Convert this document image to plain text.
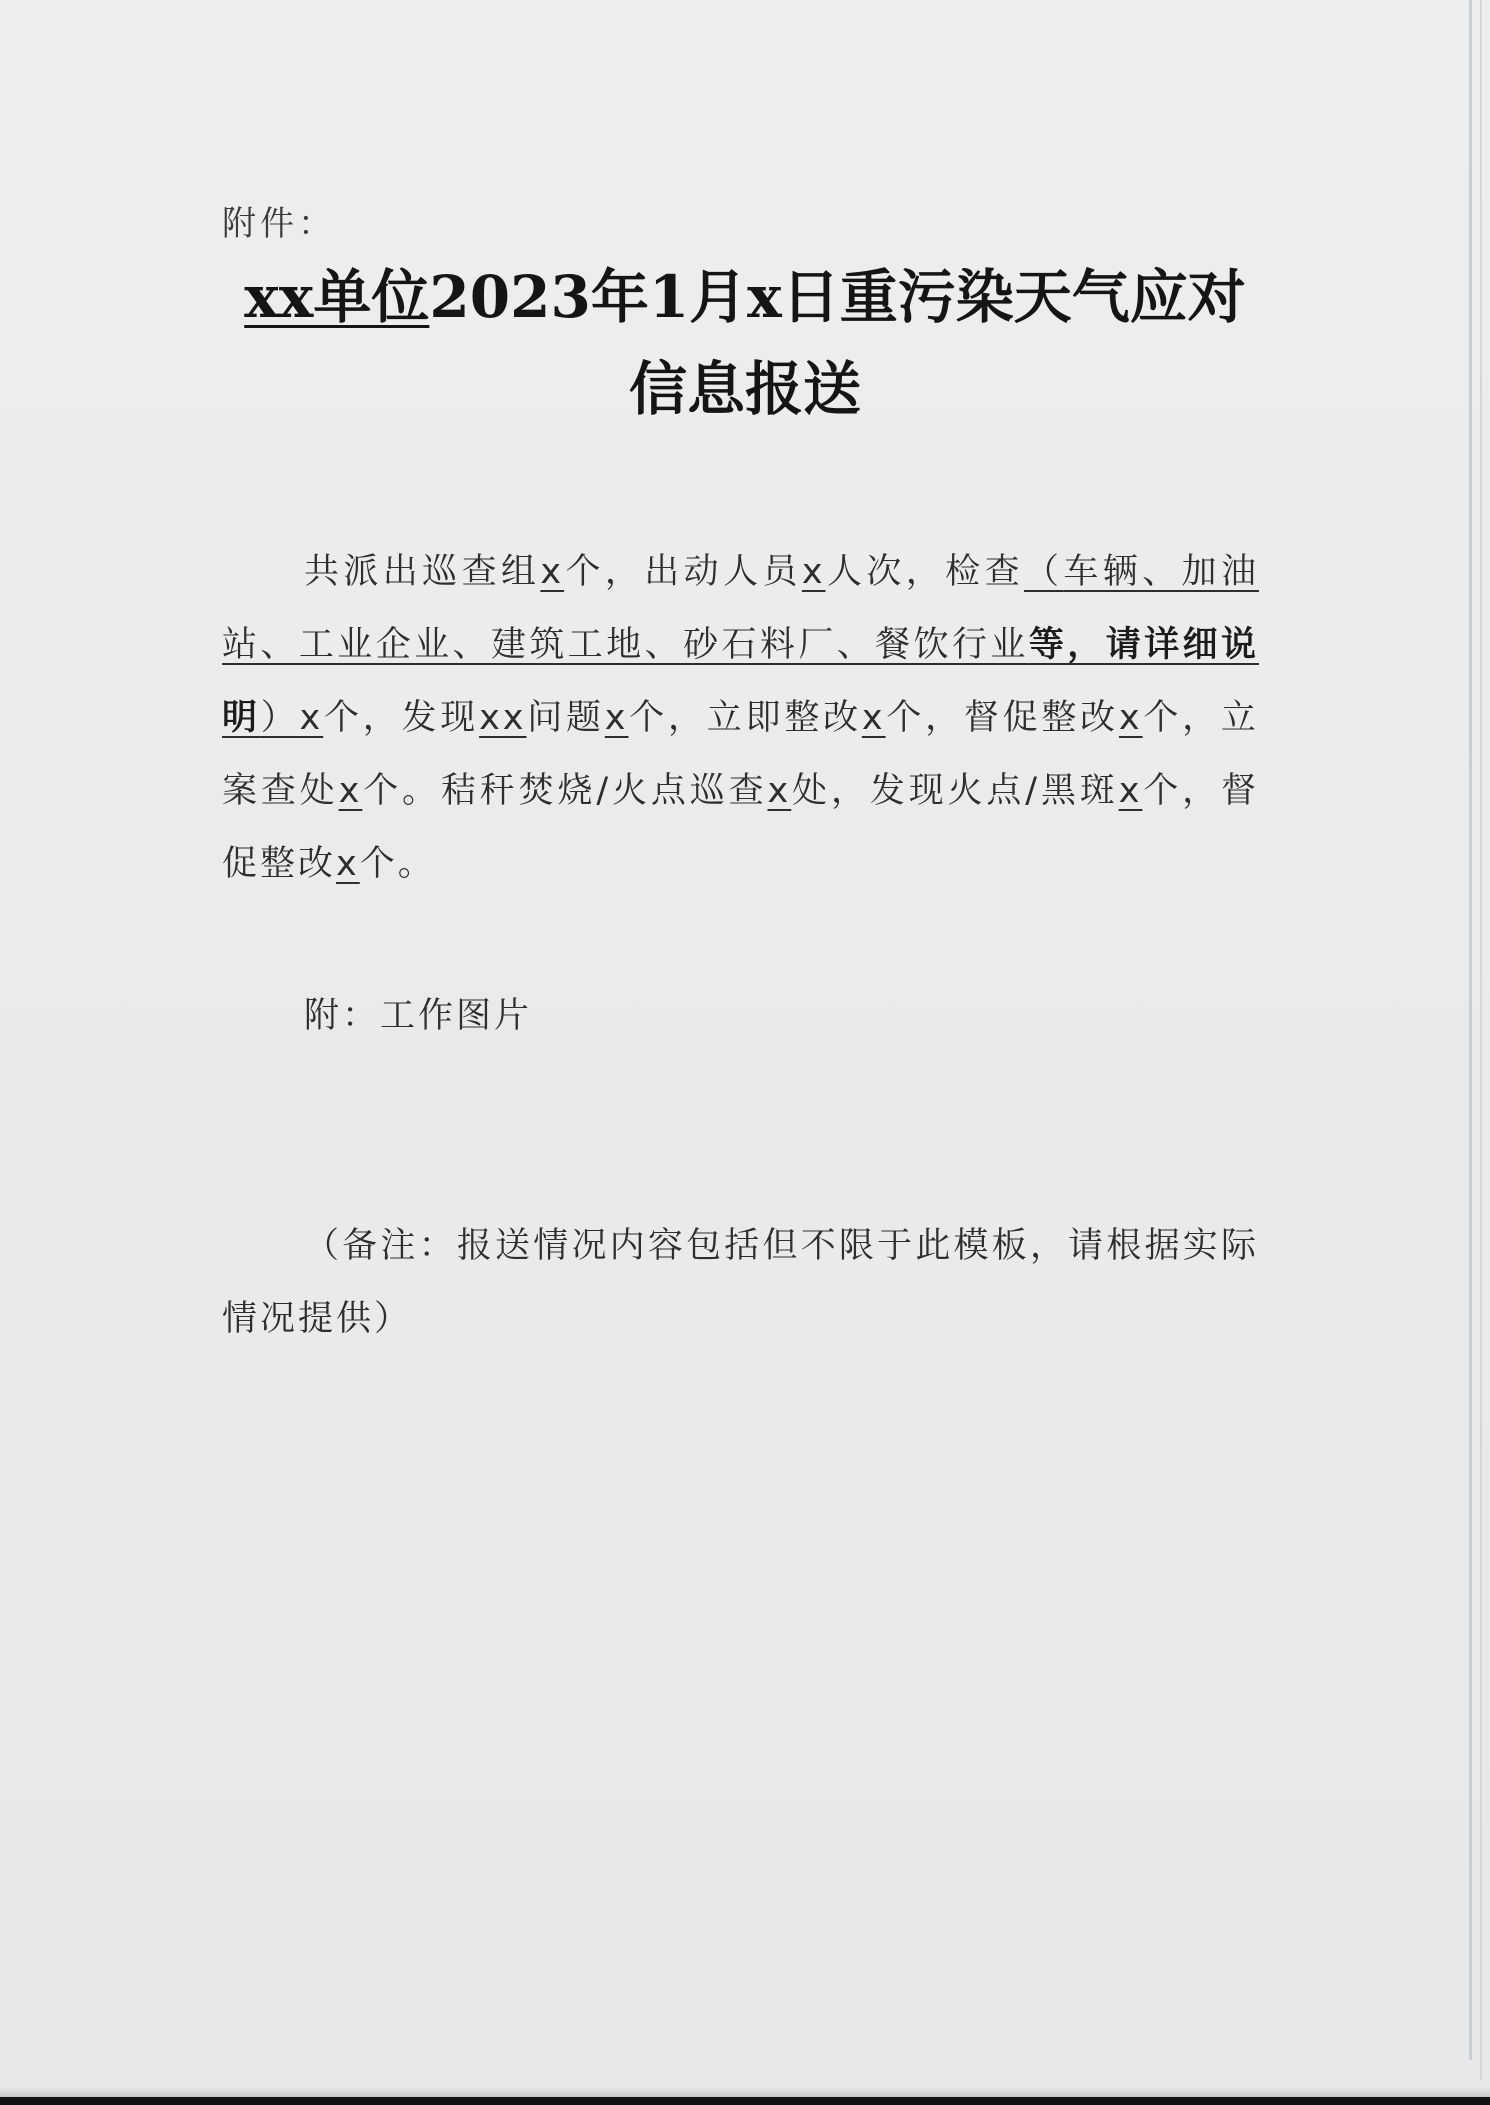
附件：
xx单位2023年1月x日重污染天气应对
信息报送
共派出巡查组x个，出动人员x人次，检查（车辆、加油站、工业企业、建筑工地、砂石料厂、餐饮行业等，请详细说明）x个，发现xx问题x个，立即整改x个，督促整改x个，立案查处x个。秸秆焚烧/火点巡查x处，发现火点/黑斑x个，督促整改x个。
附：工作图片
（备注：报送情况内容包括但不限于此模板，请根据实际情况提供）
